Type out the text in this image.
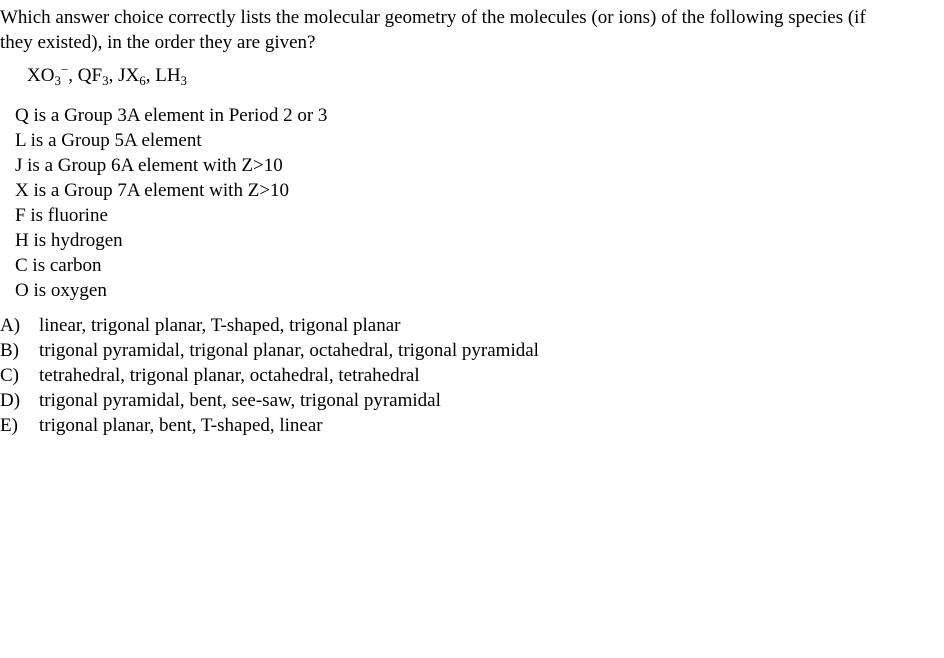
Which answer choice correctly lists the molecular geometry of the molecules (or ions) of the following species (if they existed), in the order they are given?

$XO_3^-$, $QF_3$, $JX_6$, $LH_3$

Q is a Group 3A element in Period 2 or 3
L is a Group 5A element
J is a Group 6A element with Z>10
X is a Group 7A element with Z>10
F is fluorine
H is hydrogen
C is carbon
O is oxygen
A) linear, trigonal planar, T-shaped, trigonal planar
B) trigonal pyramidal, trigonal planar, octahedral, trigonal pyramidal
C) tetrahedral, trigonal planar, octahedral, tetrahedral
D) trigonal pyramidal, bent, see-saw, trigonal pyramidal
E) trigonal planar, bent, T-shaped, linear
